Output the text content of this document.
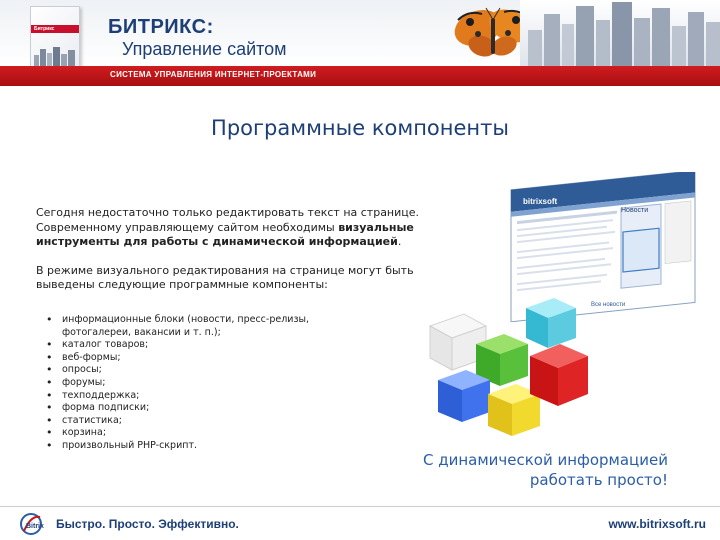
Битрикс	БИТРИКС:
Управление сайтом
СИСТЕМА УПРАВЛЕНИЯ ИНТЕРНЕТ-ПРОЕКТАМИ
Программные компоненты

Сегодня недостаточно только редактировать текст на странице. Современному управляющему сайтом необходимы визуальные инструменты для работы с динамической информацией.

В режиме визуального редактирования на странице могут быть выведены следующие программные компоненты:

• информационные блоки (новости, пресс-релизы, фотогалереи, вакансии и т. п.);
• каталог товаров;
• веб-формы;
• опросы;
• форумы;
• техподдержка;
• форма подписки;
• статистика;
• корзина;
• произвольный PHP-скрипт.
bitrixsoft
Новости
Все новости
С динамической информацией
работать просто!
Bitrix Быстро. Просто. Эффективно.	www.bitrixsoft.ru
